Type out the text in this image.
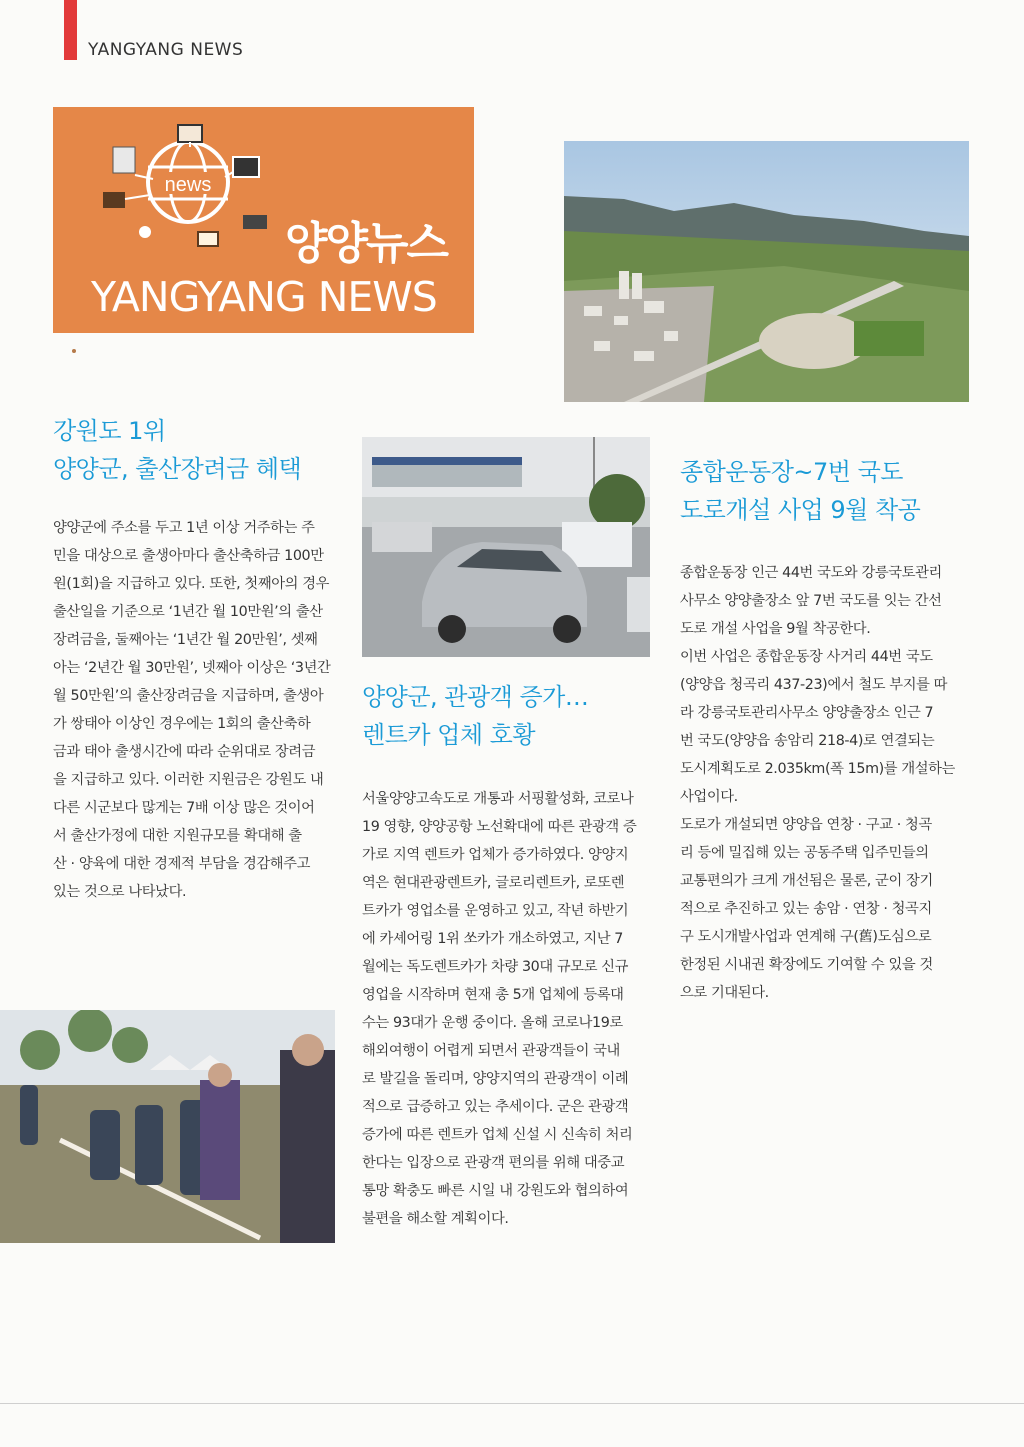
YANGYANG NEWS
news
양양뉴스
YANGYANG NEWS
강원도 1위
양양군, 출산장려금 혜택

양양군에 주소를 두고 1년 이상 거주하는 주

민을 대상으로 출생아마다 출산축하금 100만

원(1회)을 지급하고 있다. 또한, 첫째아의 경우

출산일을 기준으로 ‘1년간 월 10만원’의 출산

장려금을, 둘째아는 ‘1년간 월 20만원’, 셋째

아는 ‘2년간 월 30만원’, 넷째아 이상은 ‘3년간

월 50만원’의 출산장려금을 지급하며, 출생아

가 쌍태아 이상인 경우에는 1회의 출산축하

금과 태아 출생시간에 따라 순위대로 장려금

을 지급하고 있다. 이러한 지원금은 강원도 내

다른 시군보다 많게는 7배 이상 많은 것이어

서 출산가정에 대한 지원규모를 확대해 출

산 · 양육에 대한 경제적 부담을 경감해주고

있는 것으로 나타났다.

양양군, 관광객 증가…
렌트카 업체 호황

서울양양고속도로 개통과 서핑활성화, 코로나

19 영향, 양양공항 노선확대에 따른 관광객 증

가로 지역 렌트카 업체가 증가하였다. 양양지

역은 현대관광렌트카, 글로리렌트카, 로또렌

트카가 영업소를 운영하고 있고, 작년 하반기

에 카셰어링 1위 쏘카가 개소하였고, 지난 7

월에는 독도렌트카가 차량 30대 규모로 신규

영업을 시작하며 현재 총 5개 업체에 등록대

수는 93대가 운행 중이다. 올해 코로나19로

해외여행이 어렵게 되면서 관광객들이 국내

로 발길을 돌리며, 양양지역의 관광객이 이례

적으로 급증하고 있는 추세이다. 군은 관광객

증가에 따른 렌트카 업체 신설 시 신속히 처리

한다는 입장으로 관광객 편의를 위해 대중교

통망 확충도 빠른 시일 내 강원도와 협의하여

불편을 해소할 계획이다.

종합운동장~7번 국도
도로개설 사업 9월 착공

종합운동장 인근 44번 국도와 강릉국토관리

사무소 양양출장소 앞 7번 국도를 잇는 간선

도로 개설 사업을 9월 착공한다.

이번 사업은 종합운동장 사거리 44번 국도

(양양읍 청곡리 437-23)에서 철도 부지를 따

라 강릉국토관리사무소 양양출장소 인근 7

번 국도(양양읍 송암리 218-4)로 연결되는

도시계획도로 2.035km(폭 15m)를 개설하는

사업이다.

도로가 개설되면 양양읍 연창 · 구교 · 청곡

리 등에 밀집해 있는 공동주택 입주민들의

교통편의가 크게 개선됨은 물론, 군이 장기

적으로 추진하고 있는 송암 · 연창 · 청곡지

구 도시개발사업과 연계해 구(舊)도심으로

한정된 시내권 확장에도 기여할 수 있을 것

으로 기대된다.
